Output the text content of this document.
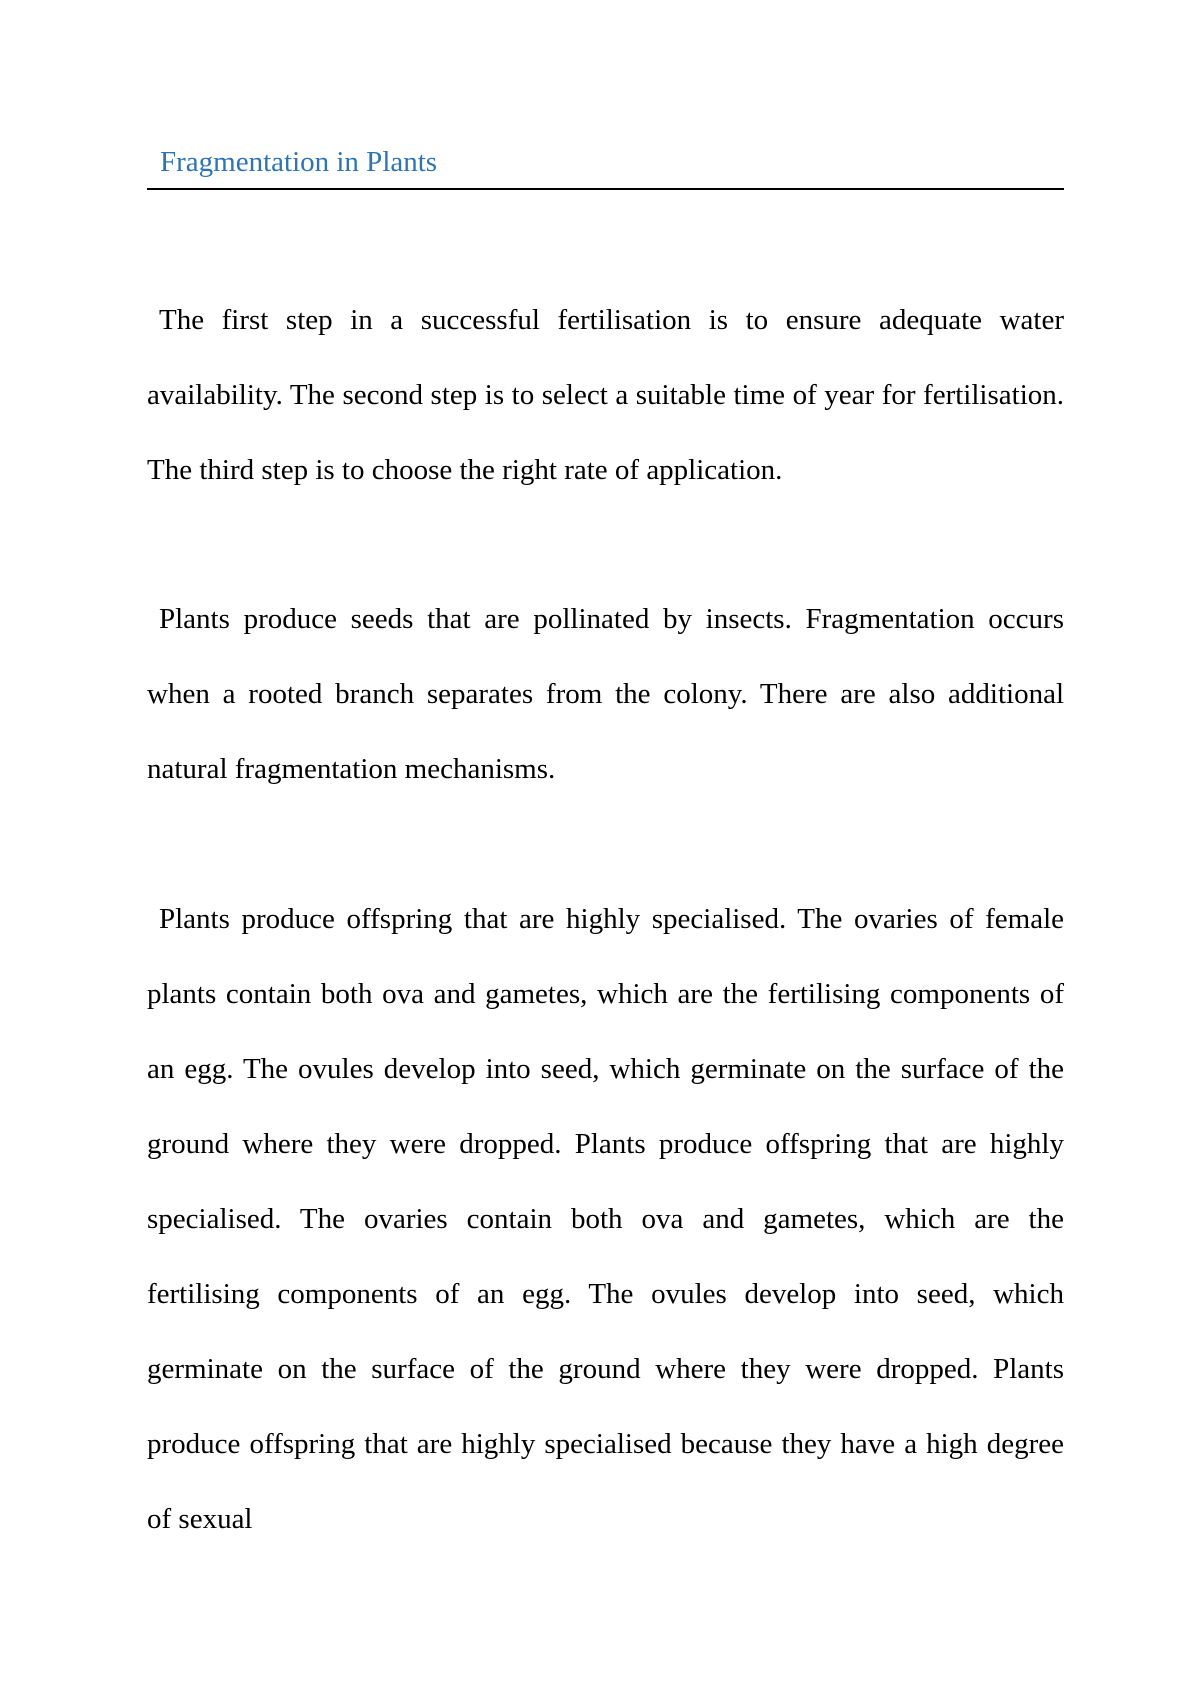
Fragmentation in Plants

The first step in a successful fertilisation is to ensure adequate water availability. The second step is to select a suitable time of year for fertilisation. The third step is to choose the right rate of application.

Plants produce seeds that are pollinated by insects. Fragmentation occurs when a rooted branch separates from the colony. There are also additional natural fragmentation mechanisms.

Plants produce offspring that are highly specialised. The ovaries of female plants contain both ova and gametes, which are the fertilising components of an egg. The ovules develop into seed, which germinate on the surface of the ground where they were dropped. Plants produce offspring that are highly specialised. The ovaries contain both ova and gametes, which are the fertilising components of an egg. The ovules develop into seed, which germinate on the surface of the ground where they were dropped. Plants produce offspring that are highly specialised because they have a high degree of sexual
